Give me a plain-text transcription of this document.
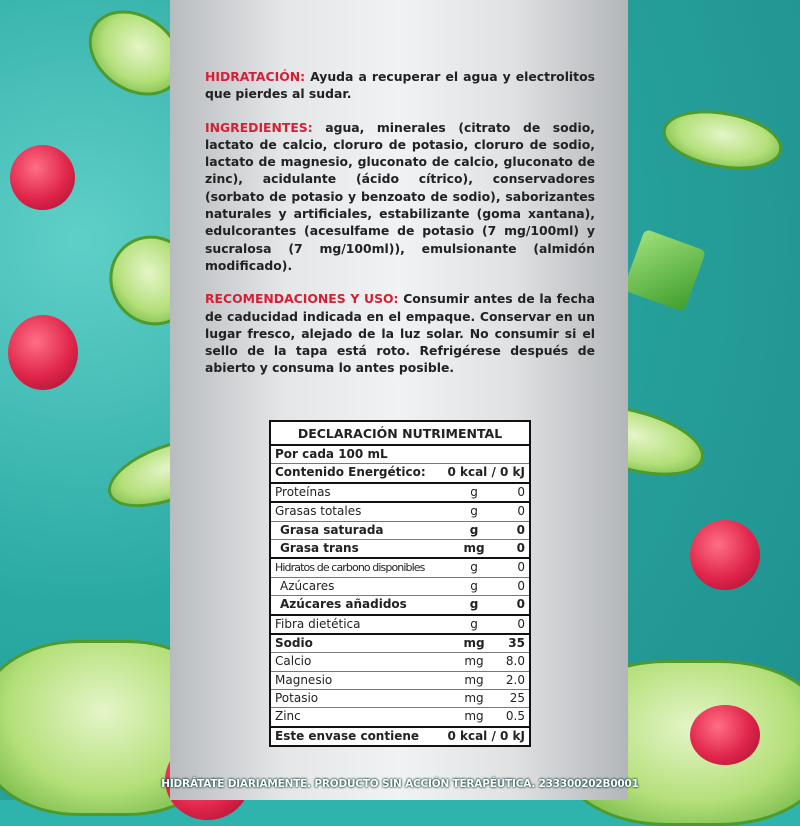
HIDRATACIÓN: Ayuda a recuperar el agua y electrolitos que pierdes al sudar.

INGREDIENTES: agua, minerales (citrato de sodio, lactato de calcio, cloruro de potasio, cloruro de sodio, lactato de magnesio, gluconato de calcio, gluconato de zinc), acidulante (ácido cítrico), conservadores (sorbato de potasio y benzoato de sodio), saborizantes naturales y artificiales, estabilizante (goma xantana), edulcorantes (acesulfame de potasio (7 mg/100ml) y sucralosa (7 mg/100ml)), emulsionante (almidón modificado).

RECOMENDACIONES Y USO: Consumir antes de la fecha de caducidad indicada en el empaque. Conservar en un lugar fresco, alejado de la luz solar. No consumir si el sello de la tapa está roto. Refrigérese después de abierto y consuma lo antes posible.

DECLARACIÓN NUTRIMENTAL
Por cada 100 mL
Contenido Energético:	0 kcal / 0 kJ
Proteínas	g	0
Grasas totales	g	0
Grasa saturada	g	0
Grasa trans	mg	0
Hidratos de carbono disponibles	g	0
Azúcares	g	0
Azúcares añadidos	g	0
Fibra dietética	g	0
Sodio	mg	35
Calcio	mg	8.0
Magnesio	mg	2.0
Potasio	mg	25
Zinc	mg	0.5
Este envase contiene	0 kcal / 0 kJ
HIDRÁTATE DIARIAMENTE. PRODUCTO SIN ACCIÓN TERAPÉUTICA. 233300202B0001
